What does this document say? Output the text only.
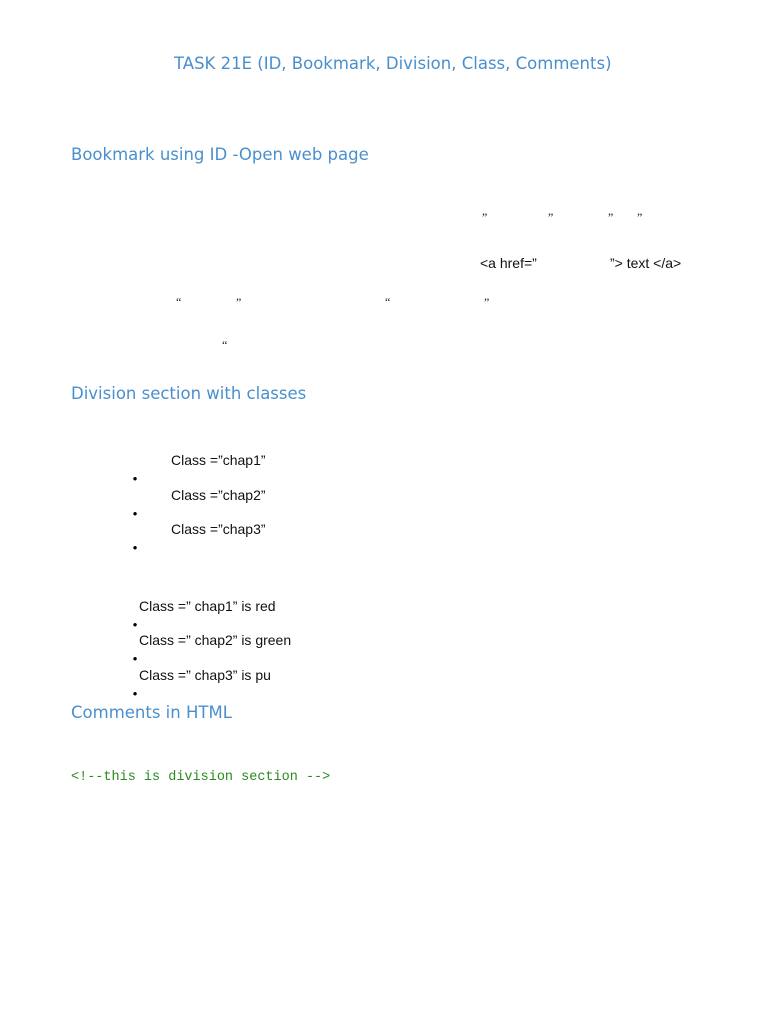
TASK 21E (ID, Bookmark, Division, Class, Comments)
Bookmark using ID -Open web page
”	”	” ”
<a href=”	”> text </a>
“	”	“	”
“
Division section with classes

•

Class =”chap1”

•

Class =”chap2”

•

Class =”chap3”

•

Class =” chap1” is red

•

Class =” chap2” is green

•

Class =” chap3” is pu
Comments in HTML
<!--this is division section -->
